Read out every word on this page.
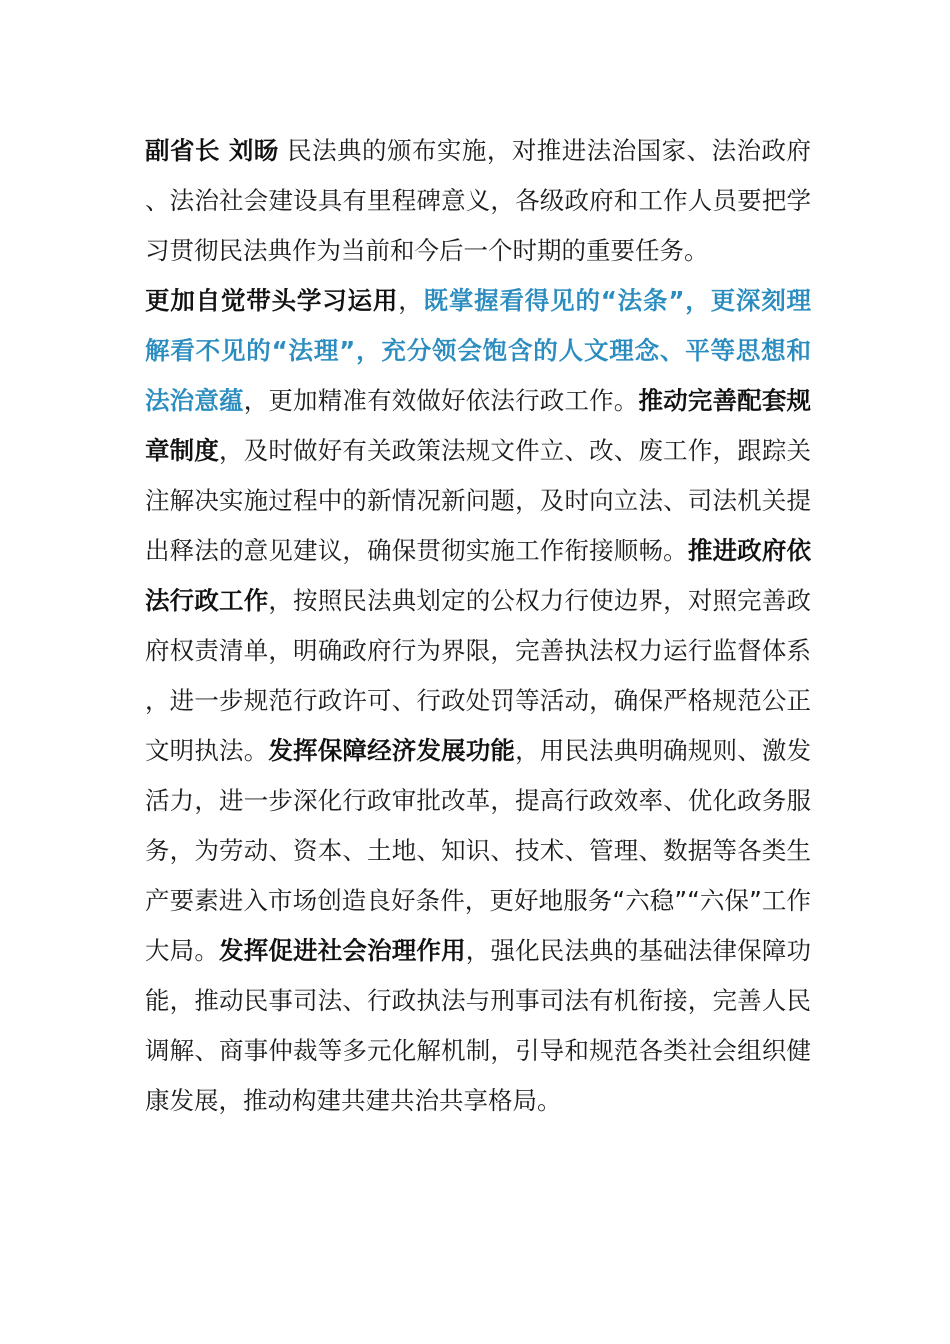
副省长 刘旸 民法典的颁布实施，对推进法治国家、法治政府、法治社会建设具有里程碑意义，各级政府和工作人员要把学习贯彻民法典作为当前和今后一个时期的重要任务。

更加自觉带头学习运用，既掌握看得见的“法条”，更深刻理解看不见的“法理”，充分领会饱含的人文理念、平等思想和法治意蕴，更加精准有效做好依法行政工作。推动完善配套规章制度，及时做好有关政策法规文件立、改、废工作，跟踪关注解决实施过程中的新情况新问题，及时向立法、司法机关提出释法的意见建议，确保贯彻实施工作衔接顺畅。推进政府依法行政工作，按照民法典划定的公权力行使边界，对照完善政府权责清单，明确政府行为界限，完善执法权力运行监督体系，进一步规范行政许可、行政处罚等活动，确保严格规范公正文明执法。发挥保障经济发展功能，用民法典明确规则、激发活力，进一步深化行政审批改革，提高行政效率、优化政务服务，为劳动、资本、土地、知识、技术、管理、数据等各类生产要素进入市场创造良好条件，更好地服务“六稳”“六保”工作大局。发挥促进社会治理作用，强化民法典的基础法律保障功能，推动民事司法、行政执法与刑事司法有机衔接，完善人民调解、商事仲裁等多元化解机制，引导和规范各类社会组织健康发展，推动构建共建共治共享格局。
